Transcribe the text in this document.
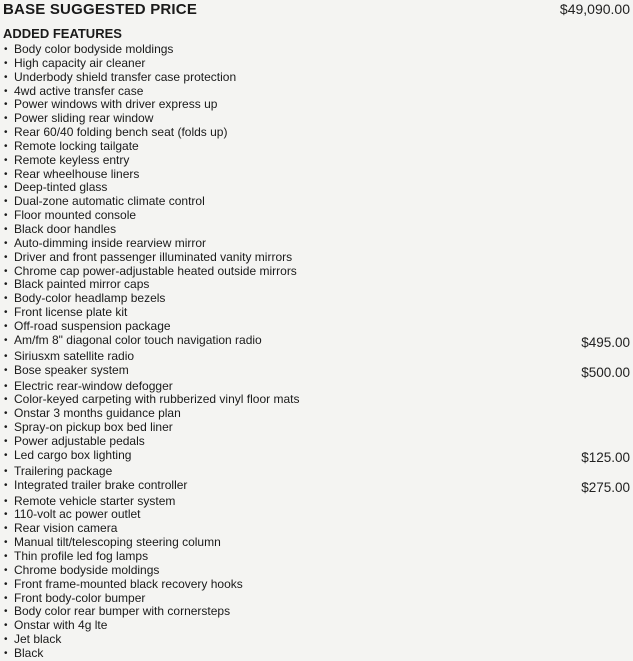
BASE SUGGESTED PRICE	$49,090.00
ADDED FEATURES
• Body color bodyside moldings
• High capacity air cleaner
• Underbody shield transfer case protection
• 4wd active transfer case
• Power windows with driver express up
• Power sliding rear window
• Rear 60/40 folding bench seat (folds up)
• Remote locking tailgate
• Remote keyless entry
• Rear wheelhouse liners
• Deep-tinted glass
• Dual-zone automatic climate control
• Floor mounted console
• Black door handles
• Auto-dimming inside rearview mirror
• Driver and front passenger illuminated vanity mirrors
• Chrome cap power-adjustable heated outside mirrors
• Black painted mirror caps
• Body-color headlamp bezels
• Front license plate kit
• Off-road suspension package
• Am/fm 8" diagonal color touch navigation radio	$495.00
• Siriusxm satellite radio
• Bose speaker system	$500.00
• Electric rear-window defogger
• Color-keyed carpeting with rubberized vinyl floor mats
• Onstar 3 months guidance plan
• Spray-on pickup box bed liner
• Power adjustable pedals
• Led cargo box lighting	$125.00
• Trailering package
• Integrated trailer brake controller	$275.00
• Remote vehicle starter system
• 110-volt ac power outlet
• Rear vision camera
• Manual tilt/telescoping steering column
• Thin profile led fog lamps
• Chrome bodyside moldings
• Front frame-mounted black recovery hooks
• Front body-color bumper
• Body color rear bumper with cornersteps
• Onstar with 4g lte
• Jet black
• Black
